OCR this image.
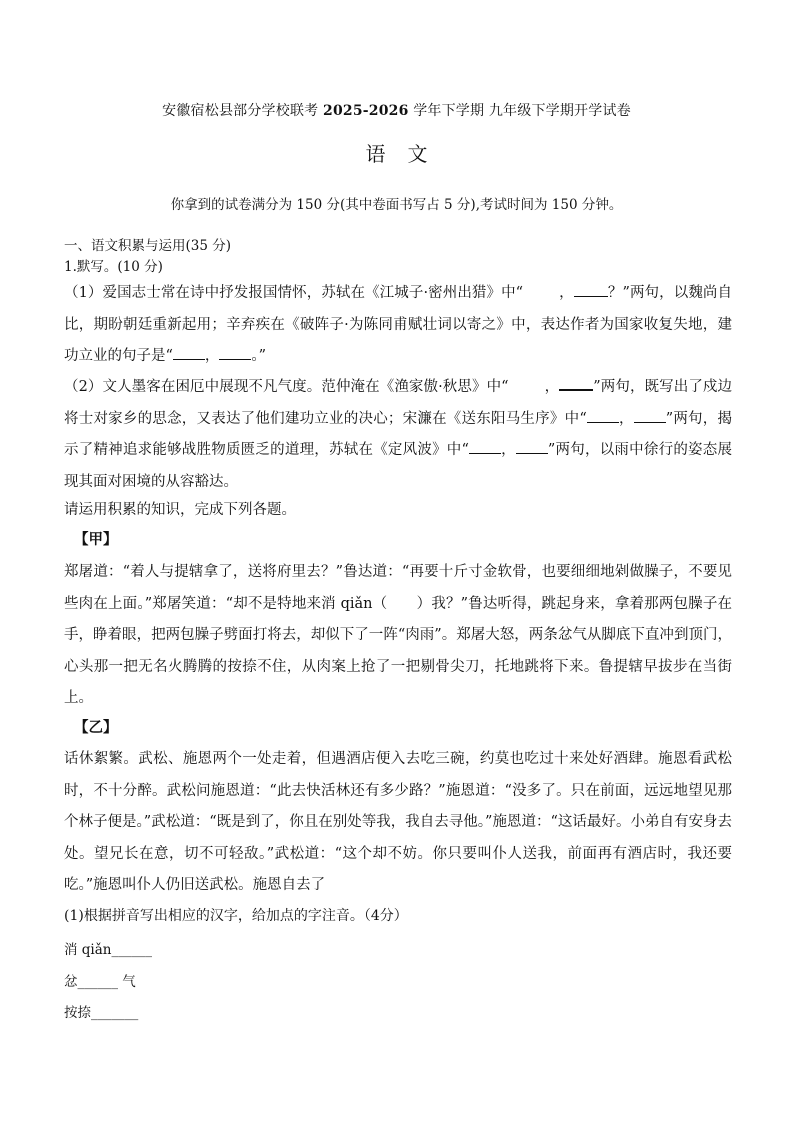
安徽宿松县部分学校联考 2025-2026 学年下学期 九年级下学期开学试卷
语文
你拿到的试卷满分为 150 分(其中卷面书写占 5 分),考试时间为 150 分钟。
一、语文积累与运用(35 分)
1.默写。(10 分)
（1）爱国志士常在诗中抒发报国情怀，苏轼在《江城子·密州出猎》中“ ， ？”两句，以魏尚自比，期盼朝廷重新起用；辛弃疾在《破阵子·为陈同甫赋壮词以寄之》中，表达作者为国家收复失地，建功立业的句子是“ ， 。”
（2）文人墨客在困厄中展现不凡气度。范仲淹在《渔家傲·秋思》中“ ， ”两句，既写出了戍边将士对家乡的思念，又表达了他们建功立业的决心；宋濂在《送东阳马生序》中“ ， ”两句，揭示了精神追求能够战胜物质匮乏的道理，苏轼在《定风波》中“ ， ”两句，以雨中徐行的姿态展现其面对困境的从容豁达。
请运用积累的知识，完成下列各题。
【甲】
郑屠道：“着人与提辖拿了，送将府里去？”鲁达道：“再要十斤寸金软骨，也要细细地剁做臊子，不要见些肉在上面。”郑屠笑道：“却不是特地来消 qiǎn（　　）我？”鲁达听得，跳起身来，拿着那两包臊子在手，睁着眼，把两包臊子劈面打将去，却似下了一阵“肉雨”。郑屠大怒，两条忿气从脚底下直冲到顶门，心头那一把无名火腾腾的按捺不住，从肉案上抢了一把剔骨尖刀，托地跳将下来。鲁提辖早拔步在当街上。
【乙】
话休絮繁。武松、施恩两个一处走着，但遇酒店便入去吃三碗，约莫也吃过十来处好酒肆。施恩看武松时，不十分醉。武松问施恩道：“此去快活林还有多少路？”施恩道：“没多了。只在前面，远远地望见那个林子便是。”武松道：“既是到了，你且在别处等我，我自去寻他。”施恩道：“这话最好。小弟自有安身去处。望兄长在意，切不可轻敌。”武松道：“这个却不妨。你只要叫仆人送我，前面再有酒店时，我还要吃。”施恩叫仆人仍旧送武松。施恩自去了
(1)根据拼音写出相应的汉字，给加点的字注音。（4分）
消 qiǎn______
忿______ 气
按捺_______
